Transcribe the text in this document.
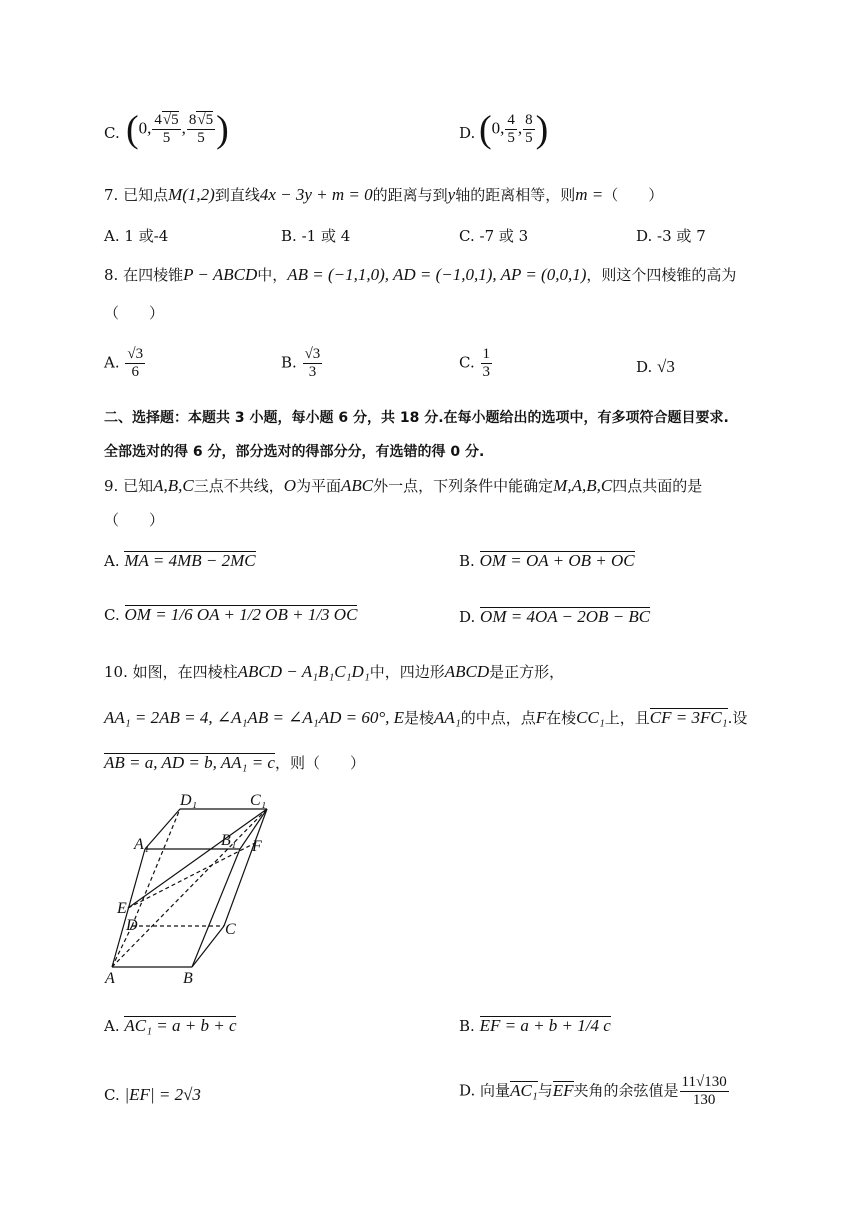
C. (0, $\frac{4√5}{5}$ , $\frac{8√5}{5}$ )	D. (0, $\frac{4}{5}$ , $\frac{8}{5}$ )
7. 已知点M(1,2)到直线4x − 3y + m = 0的距离与到y轴的距离相等，则m =（　　）
A. 1 或-4	B. -1 或 4	C. -7 或 3	D. -3 或 7
8. 在四棱锥P − ABCD中，AB = (−1,1,0), AD = (−1,0,1), AP = (0,0,1)，则这个四棱锥的高为
（　　）
A. $\frac{√3}{6}$	B. $\frac{√3}{3}$	C. $\frac{1}{3}$	D. √3
二、选择题：本题共 3 小题，每小题 6 分，共 18 分.在每小题给出的选项中，有多项符合题目要求.
全部选对的得 6 分，部分选对的得部分分，有选错的得 0 分.
9. 已知A,B,C三点不共线，O为平面ABC外一点，下列条件中能确定M,A,B,C四点共面的是
（　　）
A. MA = 4MB − 2MC	B. OM = OA + OB + OC
C. OM = 1/6 OA + 1/2 OB + 1/3 OC	D. OM = 4OA − 2OB − BC
10. 如图，在四棱柱ABCD − A₁B₁C₁D₁中，四边形ABCD是正方形，
AA₁ = 2AB = 4, ∠A₁AB = ∠A₁AD = 60°, E是棱AA₁的中点，点F在棱CC₁上，且CF = 3FC₁.设
AB = a, AD = b, AA₁ = c，则（　　）
D₁	C₁
A₁	B₁ F
E
D	C
A	B
A. AC₁ = a + b + c	B. EF = a + b + 1/4 c
C. |EF| = 2√3	D. 向量AC₁与EF夹角的余弦值是 $\frac{11√130}{130}$
